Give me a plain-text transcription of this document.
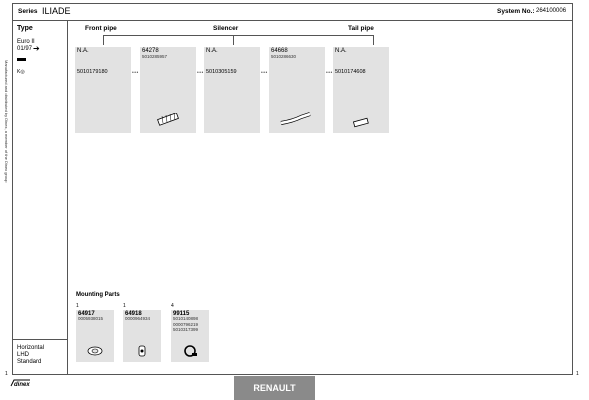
Manufactured and distributed by Dinex, a member of the Dinex group
Series ILIADE	System No.: 264100006
Type
Euro II
01/97 ➔
K◎
Horizontal
LHD
Standard
Front pipe	Silencer	Tail pipe
N.A.
5010179180	•••
64278
5010285957
•••
N.A.
5010305159	•••
64668
5010286630
•••
N.A.
5010174608
Mounting Parts
1
64917
0005938015
1
64918
0000964934
4
99115
5010140898
0000796219
5010317399
dinex	RENAULT
1
1
